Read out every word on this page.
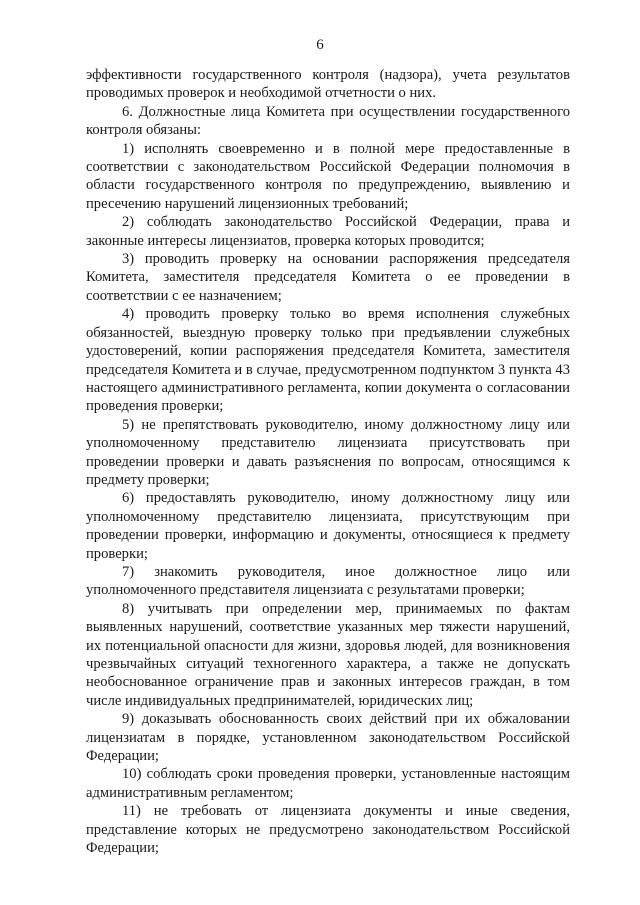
6

эффективности государственного контроля (надзора), учета результатов проводимых проверок и необходимой отчетности о них.

6. Должностные лица Комитета при осуществлении государственного контроля обязаны:

1) исполнять своевременно и в полной мере предоставленные в соответствии с законодательством Российской Федерации полномочия в области государственного контроля по предупреждению, выявлению и пресечению нарушений лицензионных требований;

2) соблюдать законодательство Российской Федерации, права и законные интересы лицензиатов, проверка которых проводится;

3) проводить проверку на основании распоряжения председателя Комитета, заместителя председателя Комитета о ее проведении в соответствии с ее назначением;

4) проводить проверку только во время исполнения служебных обязанностей, выездную проверку только при предъявлении служебных удостоверений, копии распоряжения председателя Комитета, заместителя председателя Комитета и в случае, предусмотренном подпунктом 3 пункта 43 настоящего административного регламента, копии документа о согласовании проведения проверки;

5) не препятствовать руководителю, иному должностному лицу или уполномоченному представителю лицензиата присутствовать при проведении проверки и давать разъяснения по вопросам, относящимся к предмету проверки;

6) предоставлять руководителю, иному должностному лицу или уполномоченному представителю лицензиата, присутствующим при проведении проверки, информацию и документы, относящиеся к предмету проверки;

7) знакомить руководителя, иное должностное лицо или уполномоченного представителя лицензиата с результатами проверки;

8) учитывать при определении мер, принимаемых по фактам выявленных нарушений, соответствие указанных мер тяжести нарушений, их потенциальной опасности для жизни, здоровья людей, для возникновения чрезвычайных ситуаций техногенного характера, а также не допускать необоснованное ограничение прав и законных интересов граждан, в том числе индивидуальных предпринимателей, юридических лиц;

9) доказывать обоснованность своих действий при их обжаловании лицензиатам в порядке, установленном законодательством Российской Федерации;

10) соблюдать сроки проведения проверки, установленные настоящим административным регламентом;

11) не требовать от лицензиата документы и иные сведения, представление которых не предусмотрено законодательством Российской Федерации;
